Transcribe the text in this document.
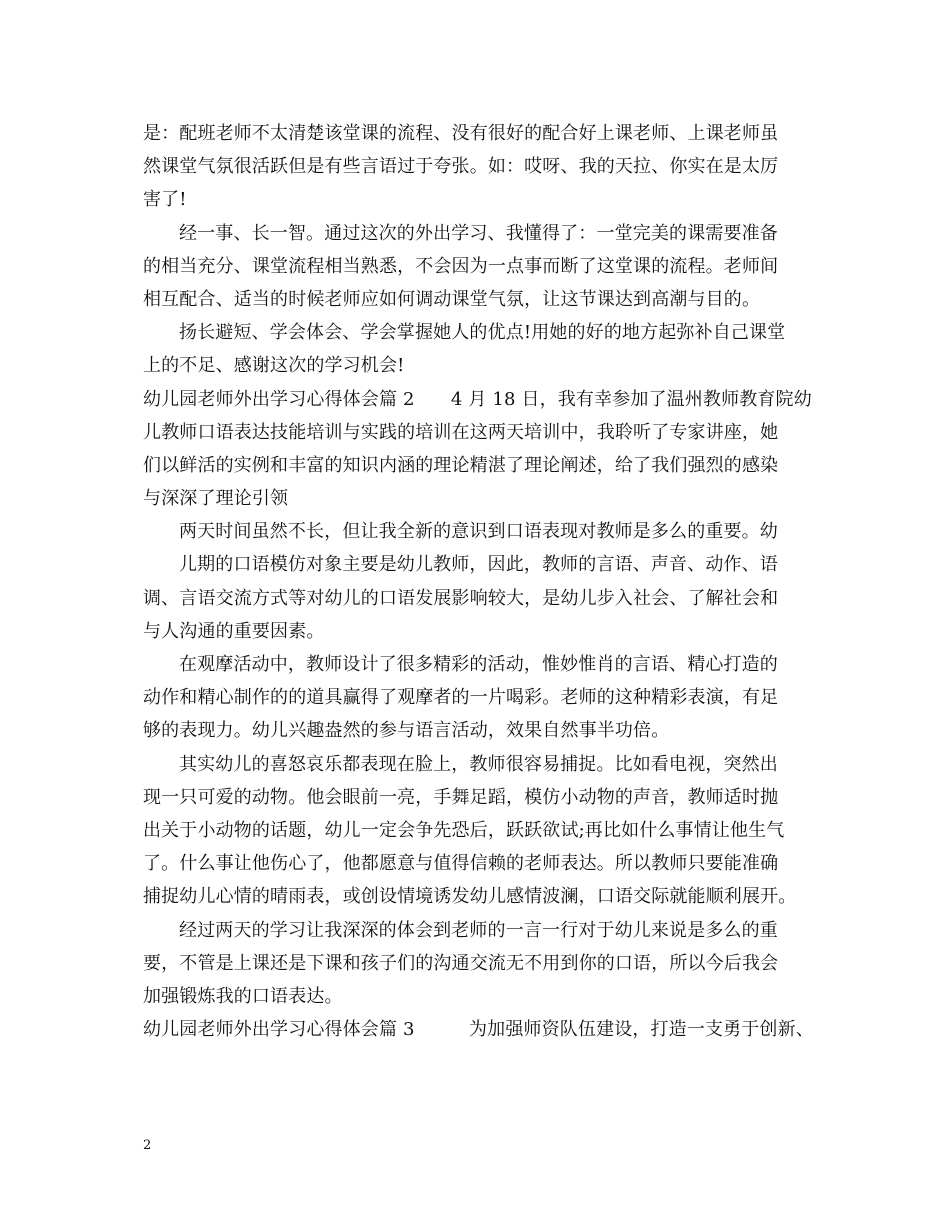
是：配班老师不太清楚该堂课的流程、没有很好的配合好上课老师、上课老师虽
然课堂气氛很活跃但是有些言语过于夸张。如：哎呀、我的天拉、你实在是太厉
害了!
经一事、长一智。通过这次的外出学习、我懂得了：一堂完美的课需要准备
的相当充分、课堂流程相当熟悉，不会因为一点事而断了这堂课的流程。老师间
相互配合、适当的时候老师应如何调动课堂气氛，让这节课达到高潮与目的。
扬长避短、学会体会、学会掌握她人的优点!用她的好的地方起弥补自己课堂
上的不足、感谢这次的学习机会!
幼儿园老师外出学习心得体会篇 2　　4 月 18 日，我有幸参加了温州教师教育院幼
儿教师口语表达技能培训与实践的培训在这两天培训中，我聆听了专家讲座，她
们以鲜活的实例和丰富的知识内涵的理论精湛了理论阐述，给了我们强烈的感染
与深深了理论引领
两天时间虽然不长，但让我全新的意识到口语表现对教师是多么的重要。幼
儿期的口语模仿对象主要是幼儿教师，因此，教师的言语、声音、动作、语
调、言语交流方式等对幼儿的口语发展影响较大，是幼儿步入社会、了解社会和
与人沟通的重要因素。
在观摩活动中，教师设计了很多精彩的活动，惟妙惟肖的言语、精心打造的
动作和精心制作的的道具赢得了观摩者的一片喝彩。老师的这种精彩表演，有足
够的表现力。幼儿兴趣盎然的参与语言活动，效果自然事半功倍。
其实幼儿的喜怒哀乐都表现在脸上，教师很容易捕捉。比如看电视，突然出
现一只可爱的动物。他会眼前一亮，手舞足蹈，模仿小动物的声音，教师适时抛
出关于小动物的话题，幼儿一定会争先恐后，跃跃欲试;再比如什么事情让他生气
了。什么事让他伤心了，他都愿意与值得信赖的老师表达。所以教师只要能准确
捕捉幼儿心情的晴雨表，或创设情境诱发幼儿感情波澜，口语交际就能顺利展开。
经过两天的学习让我深深的体会到老师的一言一行对于幼儿来说是多么的重
要，不管是上课还是下课和孩子们的沟通交流无不用到你的口语，所以今后我会
加强锻炼我的口语表达。
幼儿园老师外出学习心得体会篇 3　　　为加强师资队伍建设，打造一支勇于创新、
2
